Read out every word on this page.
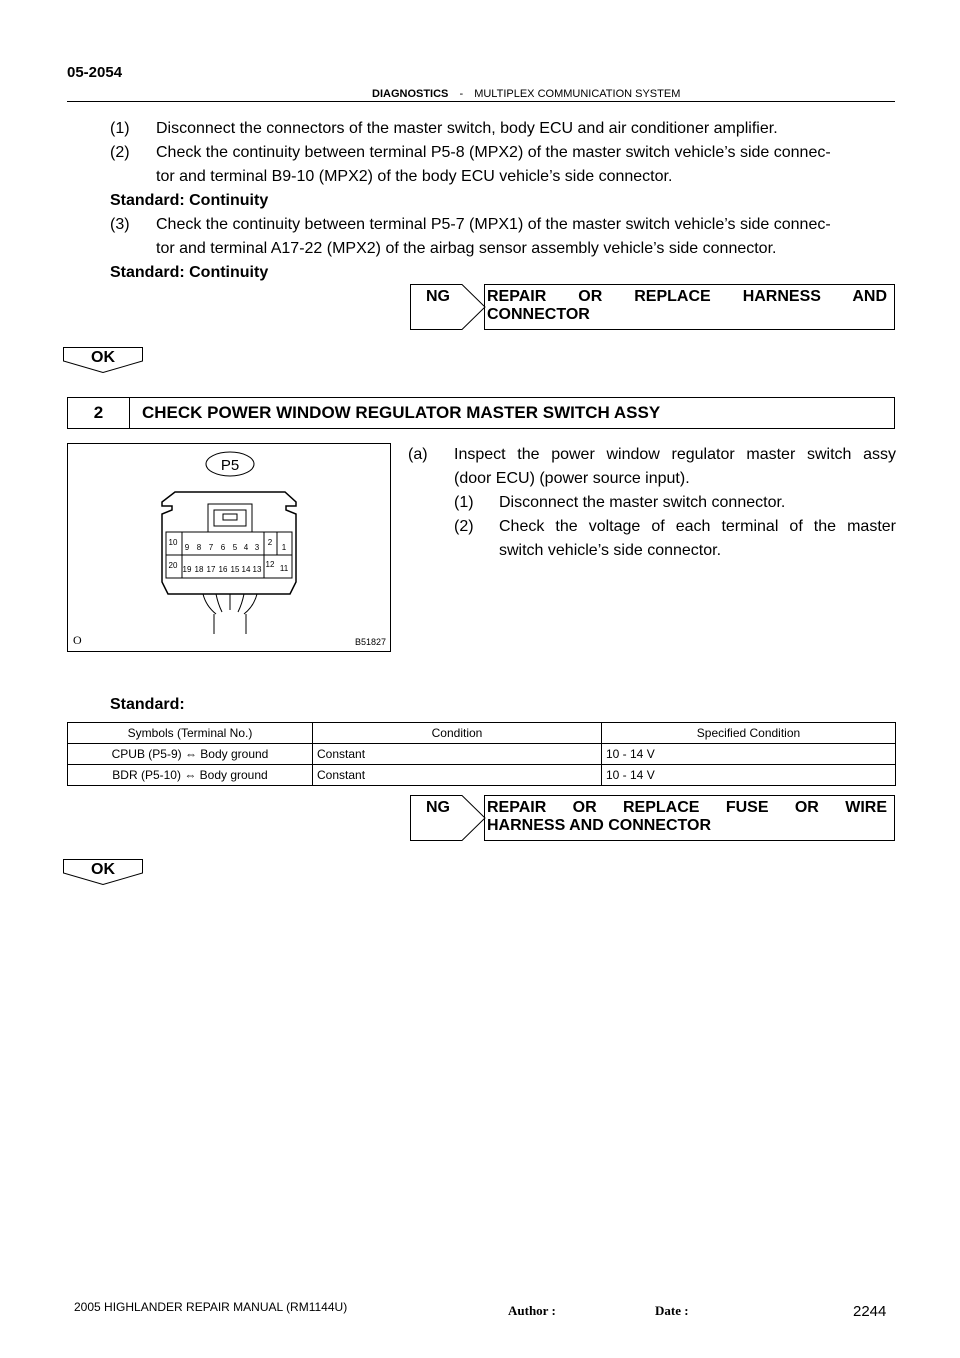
05-2054
DIAGNOSTICS - MULTIPLEX COMMUNICATION SYSTEM
(1) Disconnect the connectors of the master switch, body ECU and air conditioner amplifier.
(2) Check the continuity between terminal P5-8 (MPX2) of the master switch vehicle’s side connec-
tor and terminal B9-10 (MPX2) of the body ECU vehicle’s side connector.
Standard: Continuity
(3) Check the continuity between terminal P5-7 (MPX1) of the master switch vehicle’s side connec-
tor and terminal A17-22 (MPX2) of the airbag sensor assembly vehicle’s side connector.
Standard: Continuity
NG REPAIR OR REPLACE HARNESS AND
CONNECTOR
OK
2	CHECK POWER WINDOW REGULATOR MASTER SWITCH ASSY
P5
10
9 8 7 6 5 4 3
2
1
20 19 18 17 16 15 14 13
12 11
O	B51827
(a) Inspect the power window regulator master switch assy
(door ECU) (power source input).
(1) Disconnect the master switch connector.
(2) Check the voltage of each terminal of the master
switch vehicle’s side connector.
Standard:
Symbols (Terminal No.)	Condition	Specified Condition
CPUB (P5-9) ⇔ Body ground	Constant	10 - 14 V
BDR (P5-10) ⇔ Body ground	Constant	10 - 14 V
NG REPAIR OR REPLACE FUSE OR WIRE
HARNESS AND CONNECTOR
OK
2005 HIGHLANDER REPAIR MANUAL (RM1144U)	Author :	Date :	2244
